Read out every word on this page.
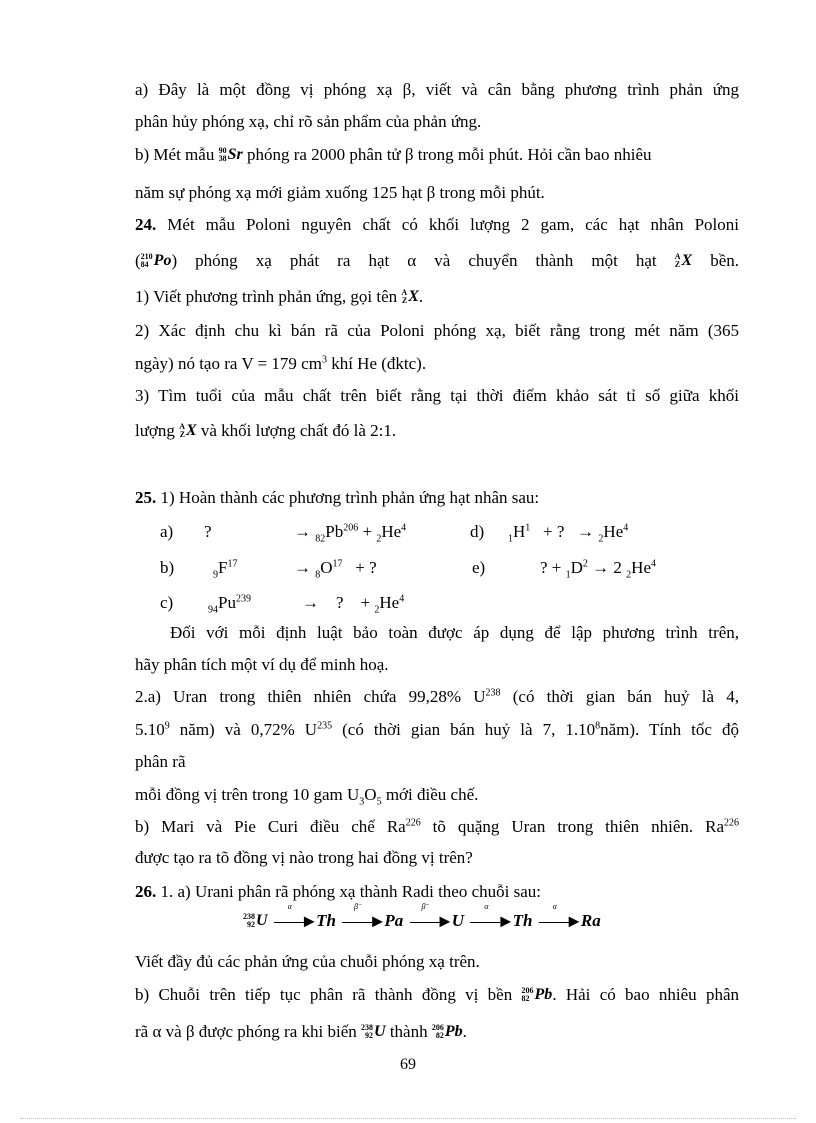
a) Đây là một đồng vị phóng xạ β, viết và cân bằng phương trình phản ứng
phân hủy phóng xạ, chỉ rõ sản phẩm của phản ứng.
b) Mét mẫu 90
38 Sr phóng ra 2000 phân tử β trong mỗi phút. Hỏi cần bao nhiêu
năm sự phóng xạ mới giảm xuống 125 hạt β trong mỗi phút.
24. Mét mẫu Poloni nguyên chất có khối lượng 2 gam, các hạt nhân Poloni
( 210
84 Po) phóng xạ phát ra hạt α và chuyển thành một hạt A
Z X bền.
1) Viết phương trình phản ứng, gọi tên A
Z X.
2) Xác định chu kì bán rã của Poloni phóng xạ, biết rằng trong mét năm (365
ngày) nó tạo ra V = 179 $cm^3$ khí He (đktc).
3) Tìm tuổi của mẫu chất trên biết rằng tại thời điểm khảo sát tỉ số giữa khối
lượng A
Z X và khối lượng chất đó là 2:1.
25. 1) Hoàn thành các phương trình phản ứng hạt nhân sau:
a) ?	→ $_{82}Pb^{206} + _2He^4$	d) $_1H^1$ + ? → $_2He^4$
b)	$_9F^{17}$	→ $_8O^{17}$ + ?	e)	? + $_1D^2 \to 2$ $_2He^4$
c)	$_{94}Pu^{239}$	→ ? + $_2He^4$
Đối với mỗi định luật bảo toàn được áp dụng để lập phương trình trên,
hãy phân tích một ví dụ để minh hoạ.
2.a) Uran trong thiên nhiên chứa 99,28% $U^{238}$ (có thời gian bán huỷ là 4,
5.10$^9$ năm) và 0,72% $U^{235}$ (có thời gian bán huỷ là 7, 1.10$^8$năm). Tính tốc độ
phân rã
mỗi đồng vị trên trong 10 gam $U_3O_5$ mới điều chế.
b) Mari và Pie Curi điều chế Ra$^{226}$ tõ quặng Uran trong thiên nhiên. Ra$^{226}$
được tạo ra tõ đồng vị nào trong hai đồng vị trên?
26. 1. a) Urani phân rã phóng xạ thành Radi theo chuỗi sau:
238
92 U
α
▶ Th
β⁻
▶ Pa
β⁻
▶ U
α
▶ Th
α
▶ Ra
Viết đầy đủ các phản ứng của chuỗi phóng xạ trên.
b) Chuỗi trên tiếp tục phân rã thành đồng vị bền 206
82 Pb. Hải có bao nhiêu phân
rã α và β được phóng ra khi biến 238
92 U thành 206
82 Pb.
69
